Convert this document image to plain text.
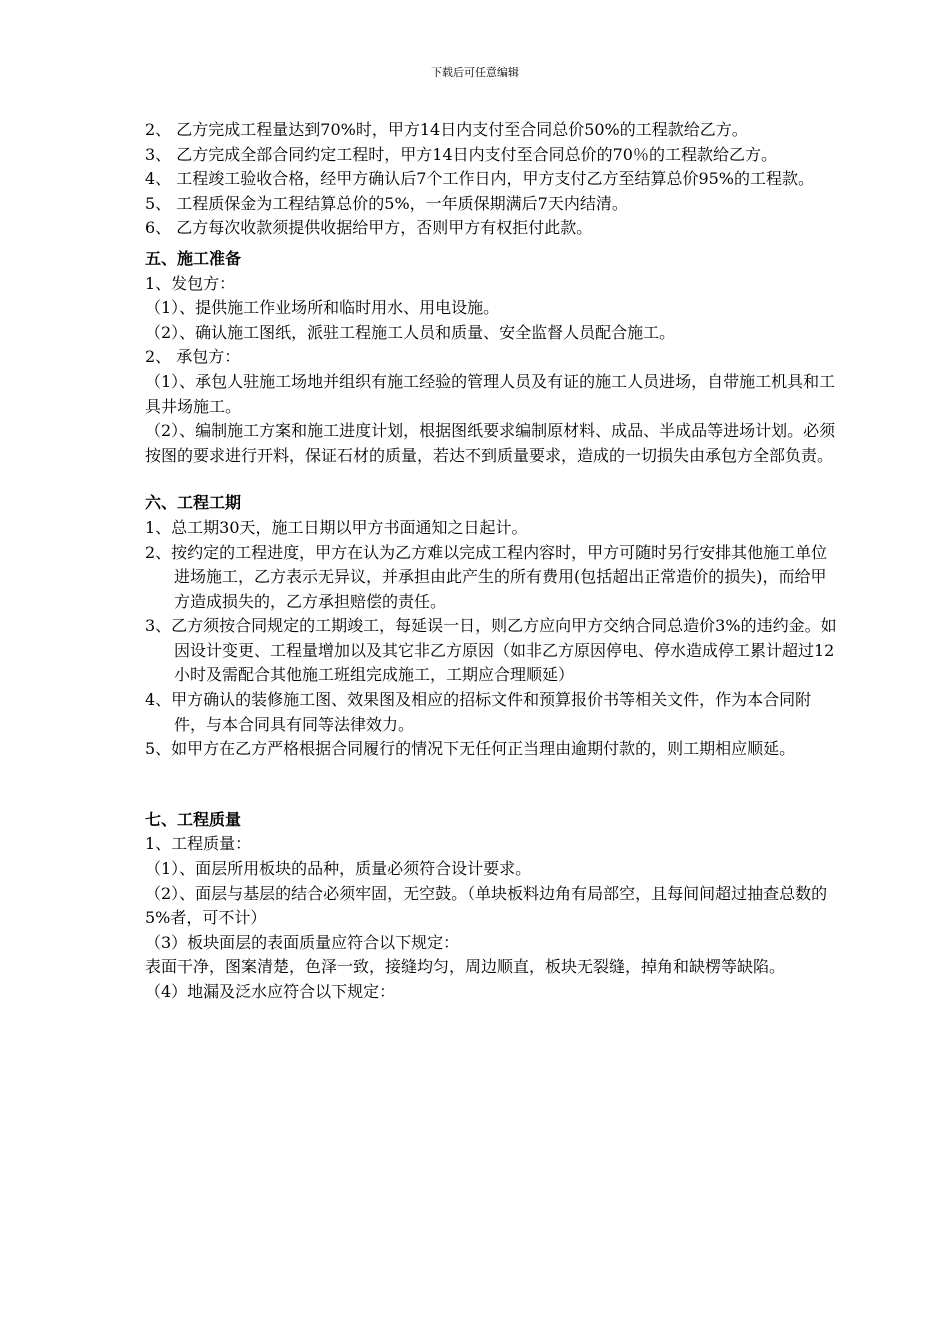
下载后可任意编辑

2、 乙方完成工程量达到70%时，甲方14日内支付至合同总价50%的工程款给乙方。

3、 乙方完成全部合同约定工程时，甲方14日内支付至合同总价的70％的工程款给乙方。

4、 工程竣工验收合格，经甲方确认后7个工作日内，甲方支付乙方至结算总价95%的工程款。

5、 工程质保金为工程结算总价的5%，一年质保期满后7天内结清。

6、 乙方每次收款须提供收据给甲方，否则甲方有权拒付此款。

五、施工准备

1、发包方：

（1）、提供施工作业场所和临时用水、用电设施。

（2）、确认施工图纸，派驻工程施工人员和质量、安全监督人员配合施工。

2、 承包方：

（1）、承包人驻施工场地并组织有施工经验的管理人员及有证的施工人员进场，自带施工机具和工具井场施工。

（2）、编制施工方案和施工进度计划，根据图纸要求编制原材料、成品、半成品等进场计划。必须按图的要求进行开料，保证石材的质量，若达不到质量要求，造成的一切损失由承包方全部负责。

六、工程工期

1、总工期30天，施工日期以甲方书面通知之日起计。

2、按约定的工程进度，甲方在认为乙方难以完成工程内容时，甲方可随时另行安排其他施工单位进场施工，乙方表示无异议，并承担由此产生的所有费用(包括超出正常造价的损失)，而给甲方造成损失的，乙方承担赔偿的责任。

3、乙方须按合同规定的工期竣工，每延误一日，则乙方应向甲方交纳合同总造价3%的违约金。如因设计变更、工程量增加以及其它非乙方原因（如非乙方原因停电、停水造成停工累计超过12小时及需配合其他施工班组完成施工，工期应合理顺延）

4、甲方确认的装修施工图、效果图及相应的招标文件和预算报价书等相关文件，作为本合同附件，与本合同具有同等法律效力。

5、如甲方在乙方严格根据合同履行的情况下无任何正当理由逾期付款的，则工期相应顺延。

七、工程质量

1、工程质量：

（1）、面层所用板块的品种，质量必须符合设计要求。

（2）、面层与基层的结合必须牢固，无空鼓。（单块板料边角有局部空，且每间间超过抽查总数的5%者，可不计）

（3）板块面层的表面质量应符合以下规定：

表面干净，图案清楚，色泽一致，接缝均匀，周边顺直，板块无裂缝，掉角和缺楞等缺陷。

（4）地漏及泛水应符合以下规定：
